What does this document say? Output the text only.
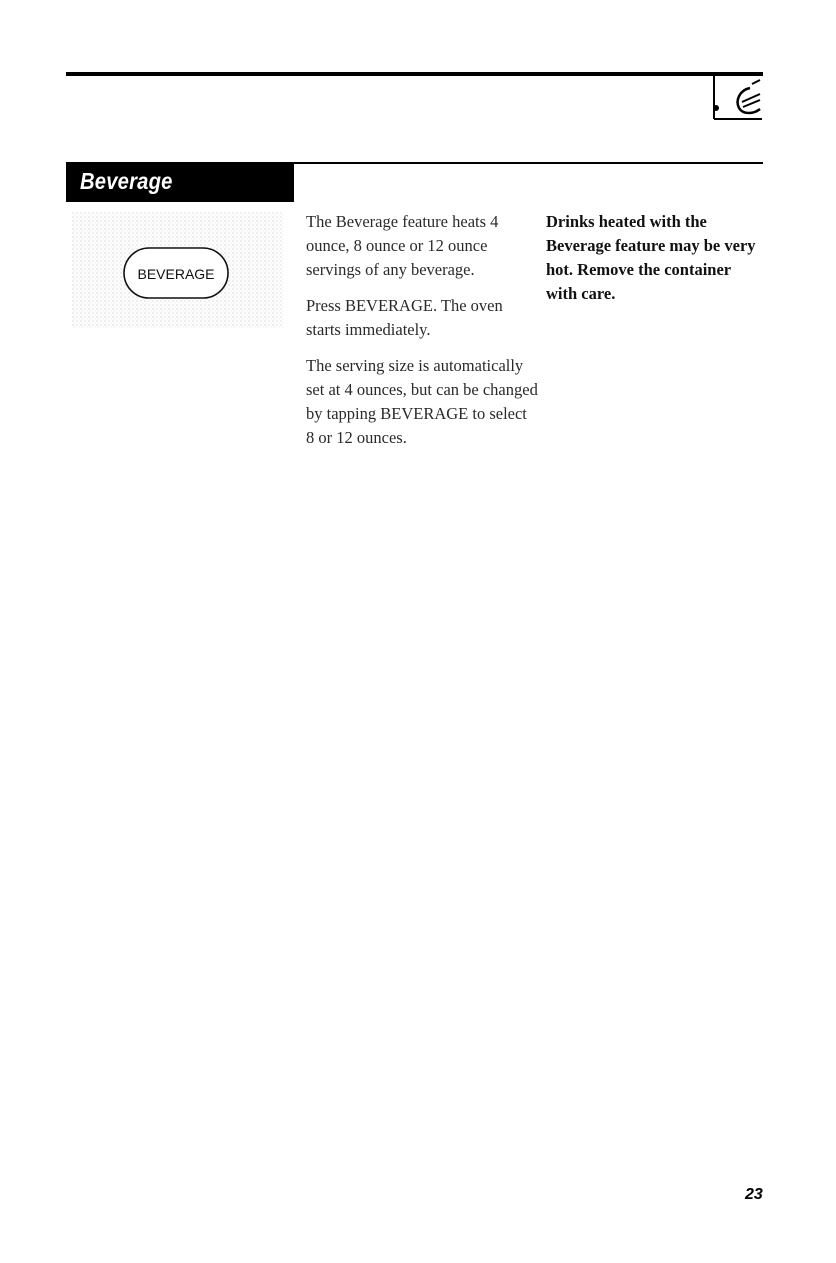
Beverage
BEVERAGE

The Beverage feature heats 4 ounce, 8 ounce or 12 ounce servings of any beverage.

Press BEVERAGE. The oven starts immediately.

The serving size is automatically set at 4 ounces, but can be changed by tapping BEVERAGE to select 8 or 12 ounces.

Drinks heated with the Beverage feature may be very hot. Remove the container with care.
23
